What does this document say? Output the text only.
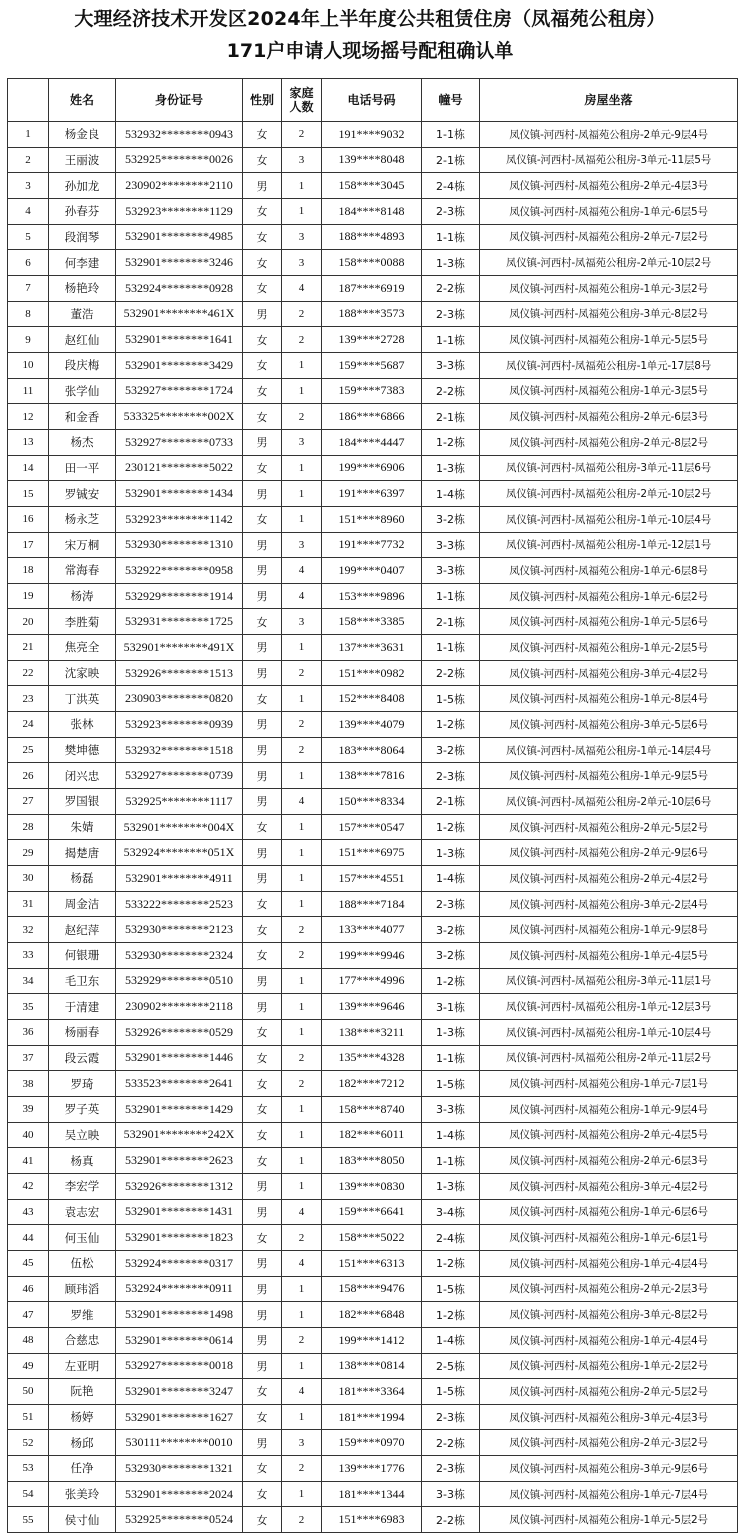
大理经济技术开发区2024年上半年度公共租赁住房（凤福苑公租房）
171户申请人现场摇号配租确认单
	姓名	身份证号	性别	家庭人数	电话号码	幢号	房屋坐落
1	杨金良	532932********0943	女	2	191****9032	1-1栋	凤仪镇-河西村-凤福苑公租房-2单元-9层4号
2	王丽波	532925********0026	女	3	139****8048	2-1栋	凤仪镇-河西村-凤福苑公租房-3单元-11层5号
3	孙加龙	230902********2110	男	1	158****3045	2-4栋	凤仪镇-河西村-凤福苑公租房-2单元-4层3号
4	孙春芬	532923********1129	女	1	184****8148	2-3栋	凤仪镇-河西村-凤福苑公租房-1单元-6层5号
5	段润琴	532901********4985	女	3	188****4893	1-1栋	凤仪镇-河西村-凤福苑公租房-2单元-7层2号
6	何李建	532901********3246	女	3	158****0088	1-3栋	凤仪镇-河西村-凤福苑公租房-2单元-10层2号
7	杨艳玲	532924********0928	女	4	187****6919	2-2栋	凤仪镇-河西村-凤福苑公租房-1单元-3层2号
8	董浩	532901********461X	男	2	188****3573	2-3栋	凤仪镇-河西村-凤福苑公租房-3单元-8层2号
9	赵红仙	532901********1641	女	2	139****2728	1-1栋	凤仪镇-河西村-凤福苑公租房-1单元-5层5号
10	段庆梅	532901********3429	女	1	159****5687	3-3栋	凤仪镇-河西村-凤福苑公租房-1单元-17层8号
11	张学仙	532927********1724	女	1	159****7383	2-2栋	凤仪镇-河西村-凤福苑公租房-1单元-3层5号
12	和金香	533325********002X	女	2	186****6866	2-1栋	凤仪镇-河西村-凤福苑公租房-2单元-6层3号
13	杨杰	532927********0733	男	3	184****4447	1-2栋	凤仪镇-河西村-凤福苑公租房-2单元-8层2号
14	田一平	230121********5022	女	1	199****6906	1-3栋	凤仪镇-河西村-凤福苑公租房-3单元-11层6号
15	罗铖安	532901********1434	男	1	191****6397	1-4栋	凤仪镇-河西村-凤福苑公租房-2单元-10层2号
16	杨永芝	532923********1142	女	1	151****8960	3-2栋	凤仪镇-河西村-凤福苑公租房-1单元-10层4号
17	宋万桐	532930********1310	男	3	191****7732	3-3栋	凤仪镇-河西村-凤福苑公租房-1单元-12层1号
18	常海春	532922********0958	男	4	199****0407	3-3栋	凤仪镇-河西村-凤福苑公租房-1单元-6层8号
19	杨涛	532929********1914	男	4	153****9896	1-1栋	凤仪镇-河西村-凤福苑公租房-1单元-6层2号
20	李胜菊	532931********1725	女	3	158****3385	2-1栋	凤仪镇-河西村-凤福苑公租房-1单元-5层6号
21	焦亮全	532901********491X	男	1	137****3631	1-1栋	凤仪镇-河西村-凤福苑公租房-1单元-2层5号
22	沈家映	532926********1513	男	2	151****0982	2-2栋	凤仪镇-河西村-凤福苑公租房-3单元-4层2号
23	丁洪英	230903********0820	女	1	152****8408	1-5栋	凤仪镇-河西村-凤福苑公租房-1单元-8层4号
24	张林	532923********0939	男	2	139****4079	1-2栋	凤仪镇-河西村-凤福苑公租房-3单元-5层6号
25	樊坤德	532932********1518	男	2	183****8064	3-2栋	凤仪镇-河西村-凤福苑公租房-1单元-14层4号
26	闭兴忠	532927********0739	男	1	138****7816	2-3栋	凤仪镇-河西村-凤福苑公租房-1单元-9层5号
27	罗国银	532925********1117	男	4	150****8334	2-1栋	凤仪镇-河西村-凤福苑公租房-2单元-10层6号
28	朱婧	532901********004X	女	1	157****0547	1-2栋	凤仪镇-河西村-凤福苑公租房-2单元-5层2号
29	揭楚唐	532924********051X	男	1	151****6975	1-3栋	凤仪镇-河西村-凤福苑公租房-2单元-9层6号
30	杨磊	532901********4911	男	1	157****4551	1-4栋	凤仪镇-河西村-凤福苑公租房-2单元-4层2号
31	周金洁	533222********2523	女	1	188****7184	2-3栋	凤仪镇-河西村-凤福苑公租房-3单元-2层4号
32	赵纪萍	532930********2123	女	2	133****4077	3-2栋	凤仪镇-河西村-凤福苑公租房-1单元-9层8号
33	何银珊	532930********2324	女	2	199****9946	3-2栋	凤仪镇-河西村-凤福苑公租房-1单元-4层5号
34	毛卫东	532929********0510	男	1	177****4996	1-2栋	凤仪镇-河西村-凤福苑公租房-3单元-11层1号
35	于清建	230902********2118	男	1	139****9646	3-1栋	凤仪镇-河西村-凤福苑公租房-1单元-12层3号
36	杨丽春	532926********0529	女	1	138****3211	1-3栋	凤仪镇-河西村-凤福苑公租房-1单元-10层4号
37	段云霞	532901********1446	女	2	135****4328	1-1栋	凤仪镇-河西村-凤福苑公租房-2单元-11层2号
38	罗琦	533523********2641	女	2	182****7212	1-5栋	凤仪镇-河西村-凤福苑公租房-1单元-7层1号
39	罗子英	532901********1429	女	1	158****8740	3-3栋	凤仪镇-河西村-凤福苑公租房-1单元-9层4号
40	吴立映	532901********242X	女	1	182****6011	1-4栋	凤仪镇-河西村-凤福苑公租房-2单元-4层5号
41	杨真	532901********2623	女	1	183****8050	1-1栋	凤仪镇-河西村-凤福苑公租房-2单元-6层3号
42	李宏学	532926********1312	男	1	139****0830	1-3栋	凤仪镇-河西村-凤福苑公租房-3单元-4层2号
43	袁志宏	532901********1431	男	4	159****6641	3-4栋	凤仪镇-河西村-凤福苑公租房-1单元-6层6号
44	何玉仙	532901********1823	女	2	158****5022	2-4栋	凤仪镇-河西村-凤福苑公租房-1单元-6层1号
45	伍松	532924********0317	男	4	151****6313	1-2栋	凤仪镇-河西村-凤福苑公租房-1单元-4层4号
46	顾玮滔	532924********0911	男	1	158****9476	1-5栋	凤仪镇-河西村-凤福苑公租房-2单元-2层3号
47	罗维	532901********1498	男	1	182****6848	1-2栋	凤仪镇-河西村-凤福苑公租房-3单元-8层2号
48	合慈忠	532901********0614	男	2	199****1412	1-4栋	凤仪镇-河西村-凤福苑公租房-1单元-4层4号
49	左亚明	532927********0018	男	1	138****0814	2-5栋	凤仪镇-河西村-凤福苑公租房-1单元-2层2号
50	阮艳	532901********3247	女	4	181****3364	1-5栋	凤仪镇-河西村-凤福苑公租房-2单元-5层2号
51	杨婷	532901********1627	女	1	181****1994	2-3栋	凤仪镇-河西村-凤福苑公租房-3单元-4层3号
52	杨邱	530111********0010	男	3	159****0970	2-2栋	凤仪镇-河西村-凤福苑公租房-2单元-3层2号
53	任净	532930********1321	女	2	139****1776	2-3栋	凤仪镇-河西村-凤福苑公租房-3单元-9层6号
54	张美玲	532901********2024	女	1	181****1344	3-3栋	凤仪镇-河西村-凤福苑公租房-1单元-7层4号
55	侯寸仙	532925********0524	女	2	151****6983	2-2栋	凤仪镇-河西村-凤福苑公租房-1单元-5层2号
